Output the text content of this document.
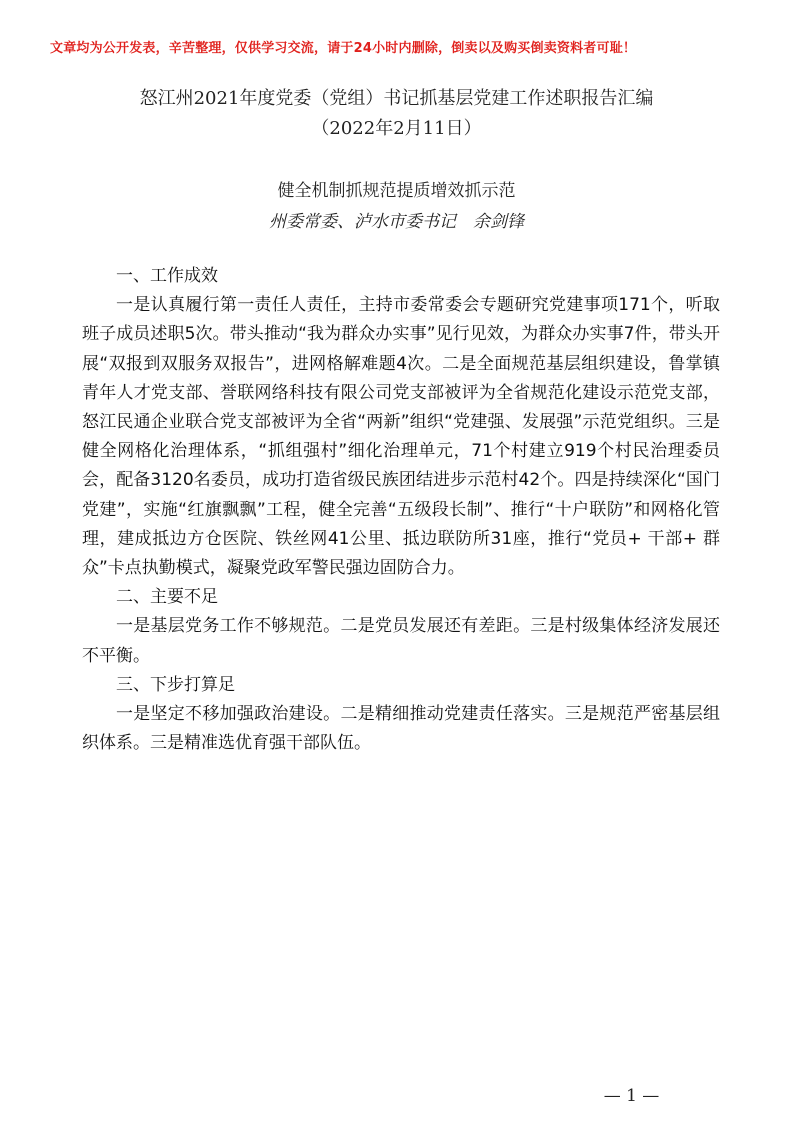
文章均为公开发表，辛苦整理，仅供学习交流，请于24小时内删除，倒卖以及购买倒卖资料者可耻！
怒江州2021年度党委（党组）书记抓基层党建工作述职报告汇编
（2022年2月11日）
健全机制抓规范提质增效抓示范
州委常委、泸水市委书记　余剑锋

一、工作成效

一是认真履行第一责任人责任，主持市委常委会专题研究党建事项171个，听取班子成员述职5次。带头推动“我为群众办实事”见行见效，为群众办实事7件，带头开展“双报到双服务双报告”，进网格解难题4次。二是全面规范基层组织建设，鲁掌镇青年人才党支部、誉联网络科技有限公司党支部被评为全省规范化建设示范党支部，怒江民通企业联合党支部被评为全省“两新”组织“党建强、发展强”示范党组织。三是健全网格化治理体系，“抓组强村”细化治理单元，71个村建立919个村民治理委员会，配备3120名委员，成功打造省级民族团结进步示范村42个。四是持续深化“国门党建”，实施“红旗飘飘”工程，健全完善“五级段长制”、推行“十户联防”和网格化管理，建成抵边方仓医院、铁丝网41公里、抵边联防所31座，推行“党员+ 干部+ 群众”卡点执勤模式，凝聚党政军警民强边固防合力。

二、主要不足

一是基层党务工作不够规范。二是党员发展还有差距。三是村级集体经济发展还不平衡。

三、下步打算足

一是坚定不移加强政治建设。二是精细推动党建责任落实。三是规范严密基层组织体系。三是精准选优育强干部队伍。

— 1 —
